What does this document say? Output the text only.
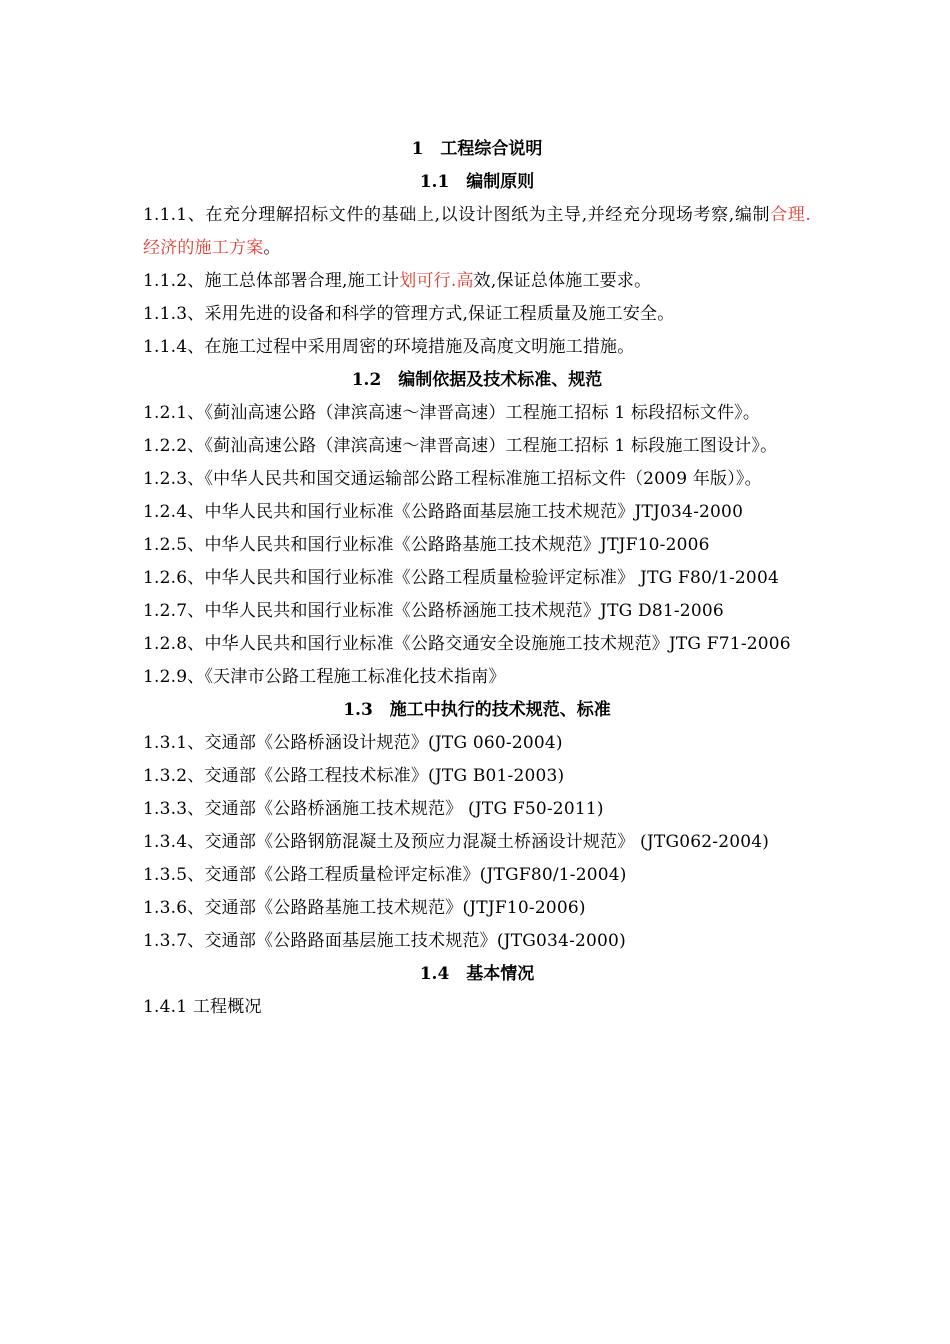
1　工程综合说明
1.1　编制原则
1.1.1、在充分理解招标文件的基础上,以设计图纸为主导,并经充分现场考察,编制合理.经济的施工方案。
1.1.2、施工总体部署合理,施工计划可行.高效,保证总体施工要求。
1.1.3、采用先进的设备和科学的管理方式,保证工程质量及施工安全。
1.1.4、在施工过程中采用周密的环境措施及高度文明施工措施。
1.2　编制依据及技术标准、规范
1.2.1、《蓟汕高速公路（津滨高速～津晋高速）工程施工招标 1 标段招标文件》。
1.2.2、《蓟汕高速公路（津滨高速～津晋高速）工程施工招标 1 标段施工图设计》。
1.2.3、《中华人民共和国交通运输部公路工程标准施工招标文件（2009 年版）》。
1.2.4、中华人民共和国行业标准《公路路面基层施工技术规范》JTJ034-2000
1.2.5、中华人民共和国行业标准《公路路基施工技术规范》JTJF10-2006
1.2.6、中华人民共和国行业标准《公路工程质量检验评定标准》 JTG F80/1-2004
1.2.7、中华人民共和国行业标准《公路桥涵施工技术规范》JTG D81-2006
1.2.8、中华人民共和国行业标准《公路交通安全设施施工技术规范》JTG F71-2006
1.2.9、《天津市公路工程施工标准化技术指南》
1.3　施工中执行的技术规范、标准
1.3.1、交通部《公路桥涵设计规范》(JTG 060-2004)
1.3.2、交通部《公路工程技术标准》(JTG B01-2003)
1.3.3、交通部《公路桥涵施工技术规范》 (JTG F50-2011)
1.3.4、交通部《公路钢筋混凝土及预应力混凝土桥涵设计规范》 (JTG062-2004)
1.3.5、交通部《公路工程质量检评定标准》(JTGF80/1-2004)
1.3.6、交通部《公路路基施工技术规范》(JTJF10-2006)
1.3.7、交通部《公路路面基层施工技术规范》(JTG034-2000)
1.4　基本情况
1.4.1 工程概况
